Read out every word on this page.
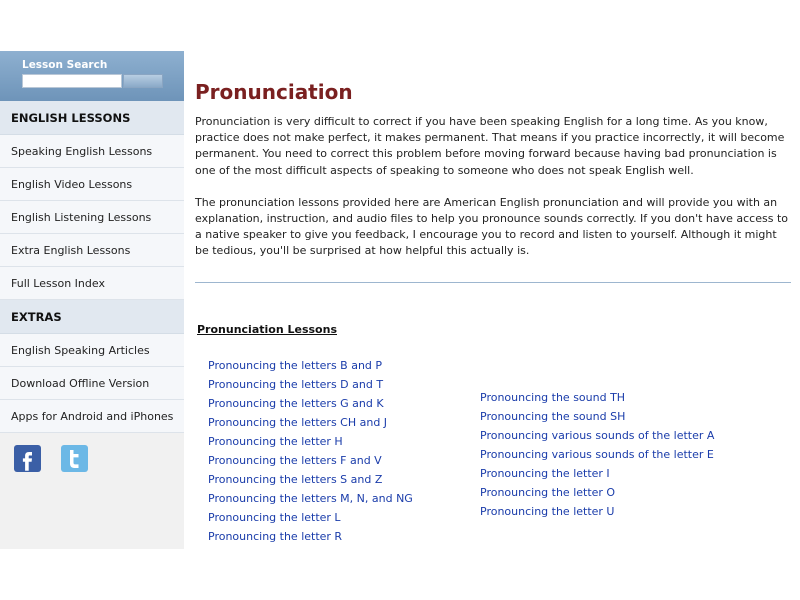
Lesson Search
ENGLISH LESSONS
Speaking English Lessons
English Video Lessons
English Listening Lessons
Extra English Lessons
Full Lesson Index
EXTRAS
English Speaking Articles
Download Offline Version
Apps for Android and iPhones
Pronunciation

Pronunciation is very difficult to correct if you have been speaking English for a long time. As you know, practice does not make perfect, it makes permanent. That means if you practice incorrectly, it will become permanent. You need to correct this problem before moving forward because having bad pronunciation is one of the most difficult aspects of speaking to someone who does not speak English well.

The pronunciation lessons provided here are American English pronunciation and will provide you with an explanation, instruction, and audio files to help you pronounce sounds correctly. If you don't have access to a native speaker to give you feedback, I encourage you to record and listen to yourself. Although it might be tedious, you'll be surprised at how helpful this actually is.

Pronunciation Lessons
Pronouncing the letters B and P
Pronouncing the letters D and T
Pronouncing the letters G and K
Pronouncing the letters CH and J
Pronouncing the letter H
Pronouncing the letters F and V
Pronouncing the letters S and Z
Pronouncing the letters M, N, and NG
Pronouncing the letter L
Pronouncing the letter R
Pronouncing the sound TH
Pronouncing the sound SH
Pronouncing various sounds of the letter A
Pronouncing various sounds of the letter E
Pronouncing the letter I
Pronouncing the letter O
Pronouncing the letter U
